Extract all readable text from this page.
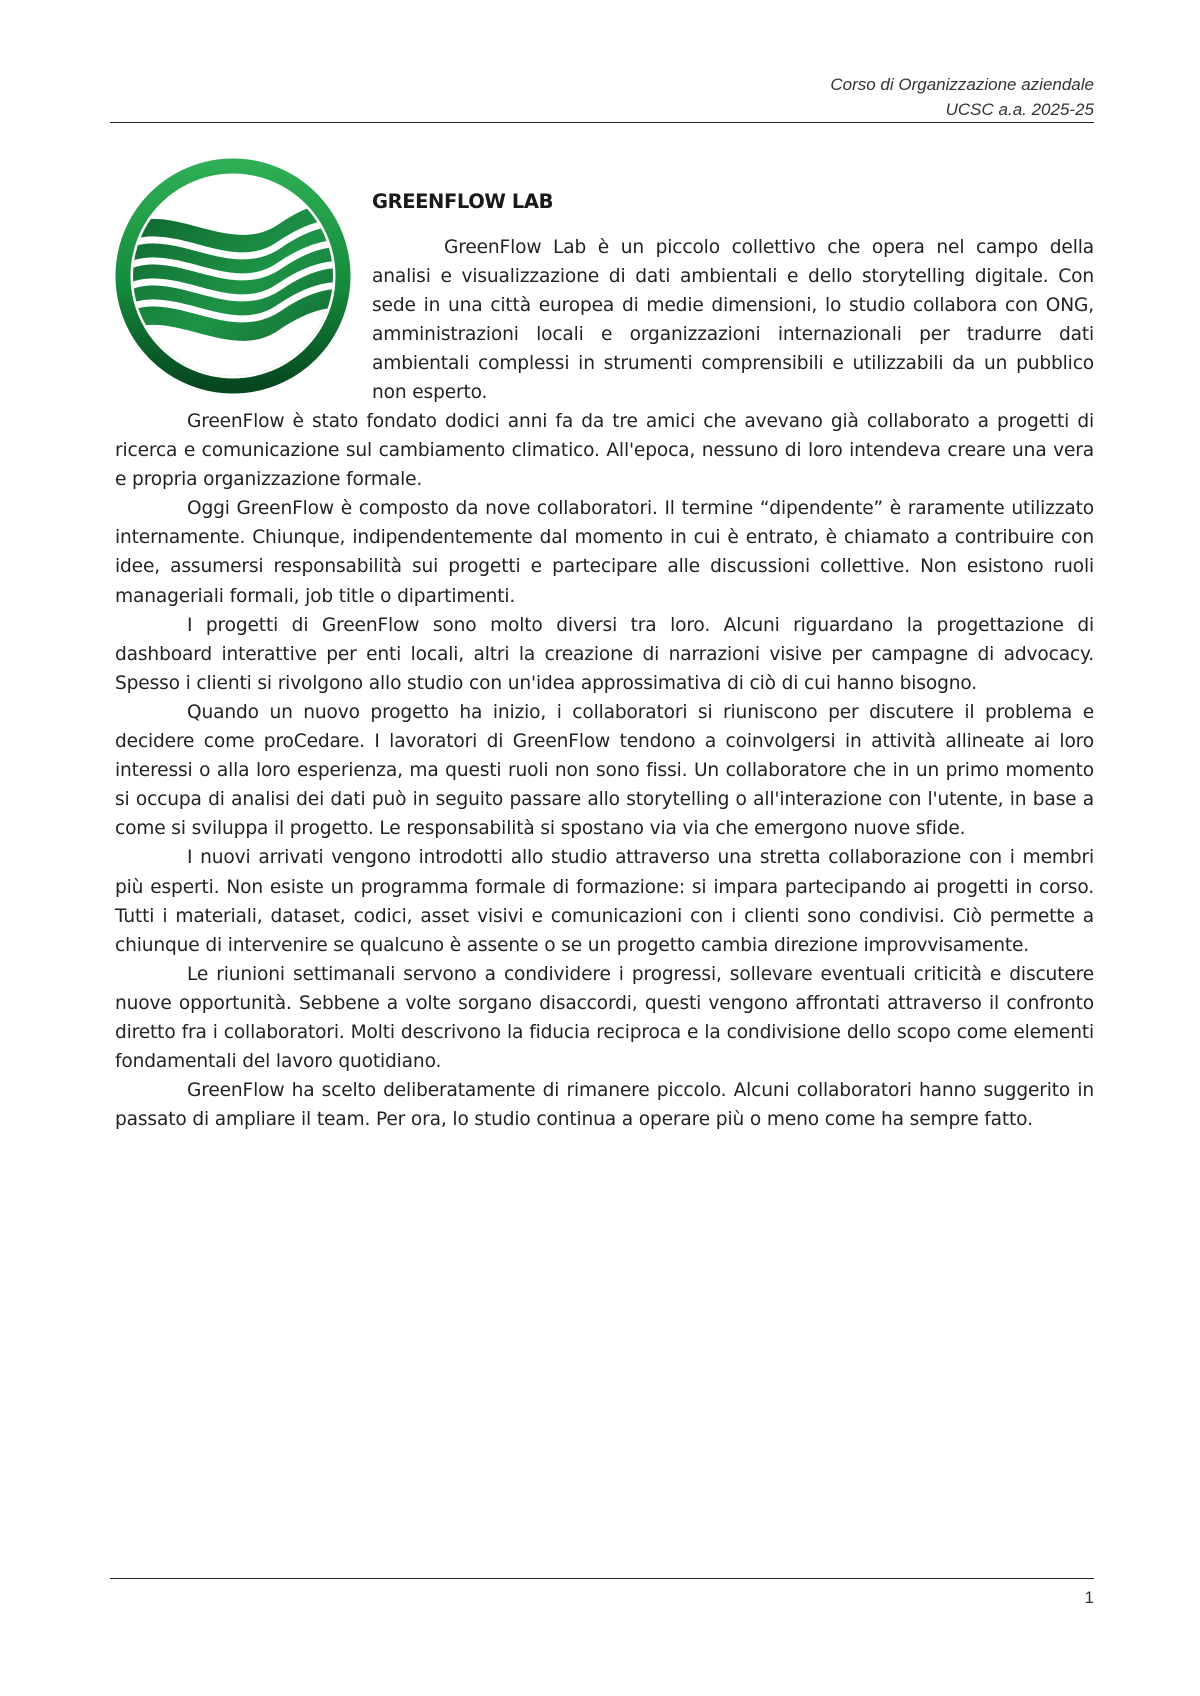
Corso di Organizzazione aziendale
UCSC a.a. 2025-25
GREENFLOW LAB

GreenFlow Lab è un piccolo collettivo che opera nel campo della analisi e visualizzazione di dati ambientali e dello storytelling digitale. Con sede in una città europea di medie dimensioni, lo studio collabora con ONG, amministrazioni locali e organizzazioni internazionali per tradurre dati ambientali complessi in strumenti comprensibili e utilizzabili da un pubblico non esperto.

GreenFlow è stato fondato dodici anni fa da tre amici che avevano già collaborato a progetti di ricerca e comunicazione sul cambiamento climatico. All'epoca, nessuno di loro intendeva creare una vera e propria organizzazione formale.

Oggi GreenFlow è composto da nove collaboratori. Il termine “dipendente” è raramente utilizzato internamente. Chiunque, indipendentemente dal momento in cui è entrato, è chiamato a contribuire con idee, assumersi responsabilità sui progetti e partecipare alle discussioni collettive. Non esistono ruoli manageriali formali, job title o dipartimenti.

I progetti di GreenFlow sono molto diversi tra loro. Alcuni riguardano la progettazione di dashboard interattive per enti locali, altri la creazione di narrazioni visive per campagne di advocacy. Spesso i clienti si rivolgono allo studio con un'idea approssimativa di ciò di cui hanno bisogno.

Quando un nuovo progetto ha inizio, i collaboratori si riuniscono per discutere il problema e decidere come proCedare. I lavoratori di GreenFlow tendono a coinvolgersi in attività allineate ai loro interessi o alla loro esperienza, ma questi ruoli non sono fissi. Un collaboratore che in un primo momento si occupa di analisi dei dati può in seguito passare allo storytelling o all'interazione con l'utente, in base a come si sviluppa il progetto. Le responsabilità si spostano via via che emergono nuove sfide.

I nuovi arrivati vengono introdotti allo studio attraverso una stretta collaborazione con i membri più esperti. Non esiste un programma formale di formazione: si impara partecipando ai progetti in corso. Tutti i materiali, dataset, codici, asset visivi e comunicazioni con i clienti sono condivisi. Ciò permette a chiunque di intervenire se qualcuno è assente o se un progetto cambia direzione improvvisamente.

Le riunioni settimanali servono a condividere i progressi, sollevare eventuali criticità e discutere nuove opportunità. Sebbene a volte sorgano disaccordi, questi vengono affrontati attraverso il confronto diretto fra i collaboratori. Molti descrivono la fiducia reciproca e la condivisione dello scopo come elementi fondamentali del lavoro quotidiano.

GreenFlow ha scelto deliberatamente di rimanere piccolo. Alcuni collaboratori hanno suggerito in passato di ampliare il team. Per ora, lo studio continua a operare più o meno come ha sempre fatto.

1
